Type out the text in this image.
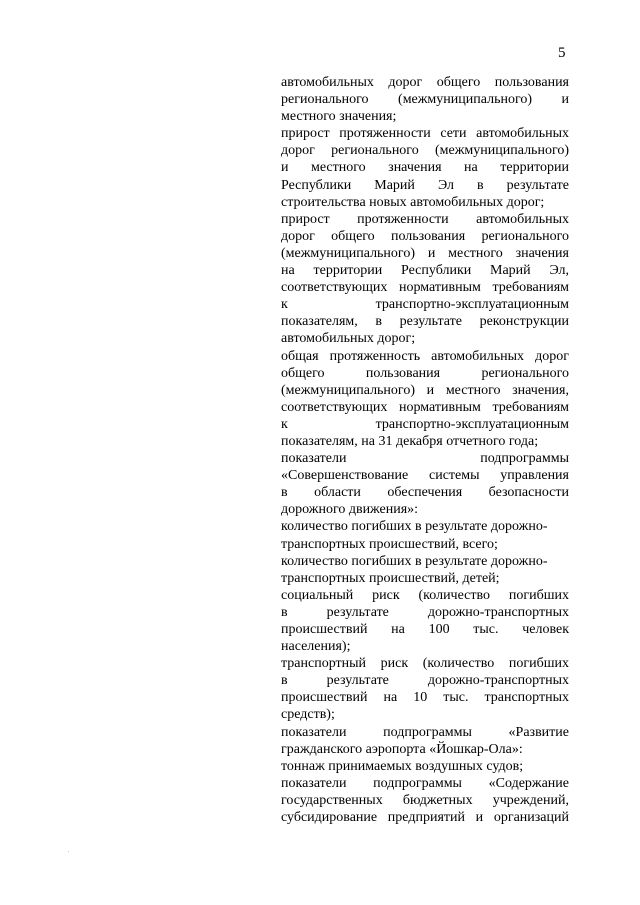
5
автомобильных дорог общего пользования
регионального (межмуниципального) и
местного значения;
прирост протяженности сети автомобильных
дорог регионального (межмуниципального)
и местного значения на территории
Республики Марий Эл в результате
строительства новых автомобильных дорог;
прирост протяженности автомобильных
дорог общего пользования регионального
(межмуниципального) и местного значения
на территории Республики Марий Эл,
соответствующих нормативным требованиям
к транспортно-эксплуатационным
показателям, в результате реконструкции
автомобильных дорог;
общая протяженность автомобильных дорог
общего пользования регионального
(межмуниципального) и местного значения,
соответствующих нормативным требованиям
к транспортно-эксплуатационным
показателям, на 31 декабря отчетного года;
показатели подпрограммы
«Совершенствование системы управления
в области обеспечения безопасности
дорожного движения»:
количество погибших в результате дорожно-
транспортных происшествий, всего;
количество погибших в результате дорожно-
транспортных происшествий, детей;
социальный риск (количество погибших
в результате дорожно-транспортных
происшествий на 100 тыс. человек
населения);
транспортный риск (количество погибших
в результате дорожно-транспортных
происшествий на 10 тыс. транспортных
средств);
показатели подпрограммы «Развитие
гражданского аэропорта «Йошкар-Ола»:
тоннаж принимаемых воздушных судов;
показатели подпрограммы «Содержание
государственных бюджетных учреждений,
субсидирование предприятий и организаций
